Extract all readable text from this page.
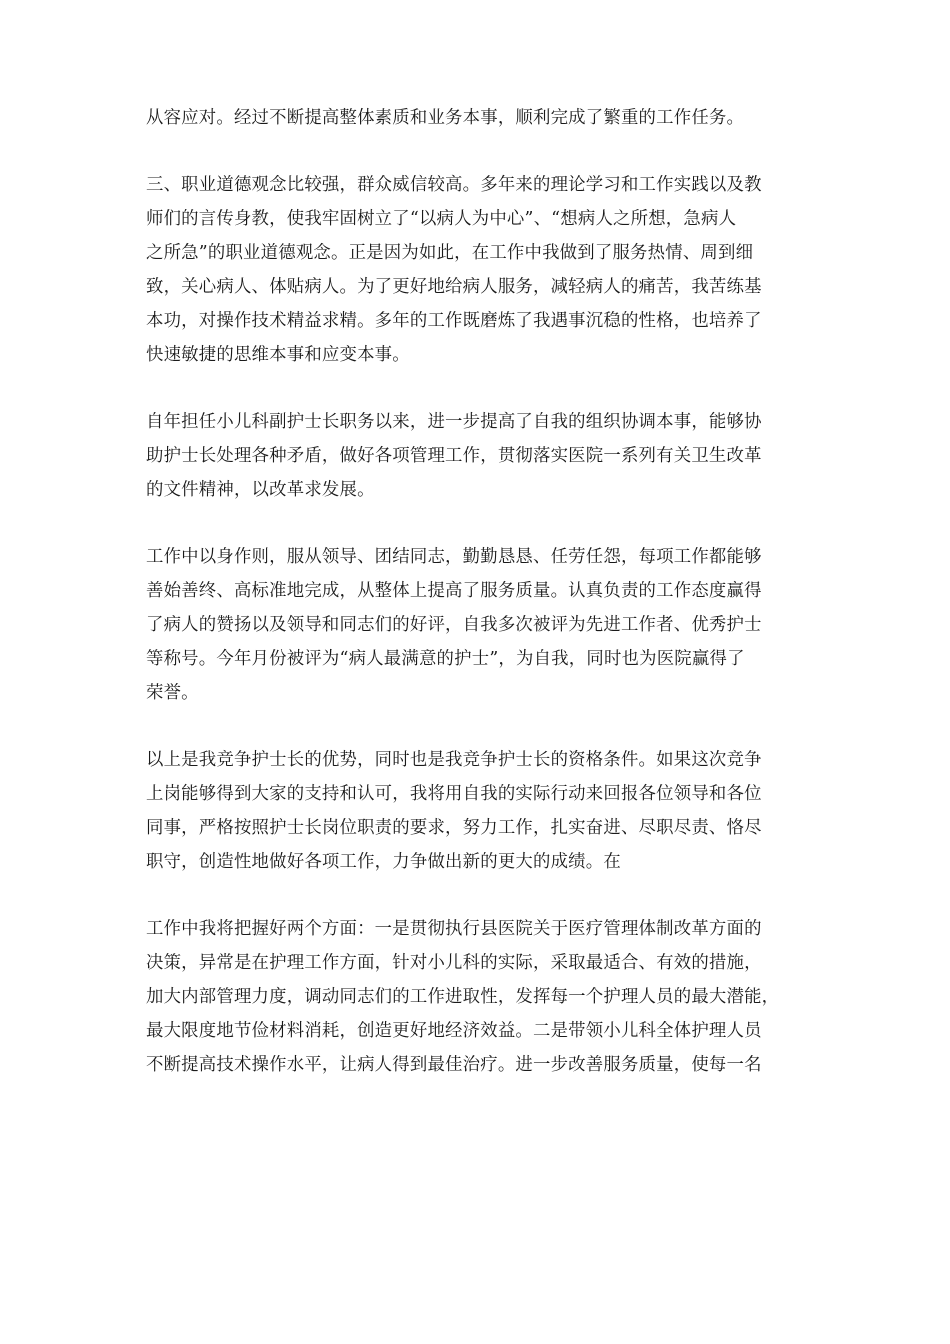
从容应对。经过不断提高整体素质和业务本事，顺利完成了繁重的工作任务。
三、职业道德观念比较强，群众威信较高。多年来的理论学习和工作实践以及教
师们的言传身教，使我牢固树立了“以病人为中心”、“想病人之所想，急病人
之所急”的职业道德观念。正是因为如此，在工作中我做到了服务热情、周到细
致，关心病人、体贴病人。为了更好地给病人服务，减轻病人的痛苦，我苦练基
本功，对操作技术精益求精。多年的工作既磨炼了我遇事沉稳的性格，也培养了
快速敏捷的思维本事和应变本事。
自年担任小儿科副护士长职务以来，进一步提高了自我的组织协调本事，能够协
助护士长处理各种矛盾，做好各项管理工作，贯彻落实医院一系列有关卫生改革
的文件精神，以改革求发展。
工作中以身作则，服从领导、团结同志，勤勤恳恳、任劳任怨，每项工作都能够
善始善终、高标准地完成，从整体上提高了服务质量。认真负责的工作态度赢得
了病人的赞扬以及领导和同志们的好评，自我多次被评为先进工作者、优秀护士
等称号。今年月份被评为“病人最满意的护士”，为自我，同时也为医院赢得了
荣誉。
以上是我竞争护士长的优势，同时也是我竞争护士长的资格条件。如果这次竞争
上岗能够得到大家的支持和认可，我将用自我的实际行动来回报各位领导和各位
同事，严格按照护士长岗位职责的要求，努力工作，扎实奋进、尽职尽责、恪尽
职守，创造性地做好各项工作，力争做出新的更大的成绩。在
工作中我将把握好两个方面：一是贯彻执行县医院关于医疗管理体制改革方面的
决策，异常是在护理工作方面，针对小儿科的实际，采取最适合、有效的措施，
加大内部管理力度，调动同志们的工作进取性，发挥每一个护理人员的最大潜能，
最大限度地节俭材料消耗，创造更好地经济效益。二是带领小儿科全体护理人员
不断提高技术操作水平，让病人得到最佳治疗。进一步改善服务质量，使每一名
